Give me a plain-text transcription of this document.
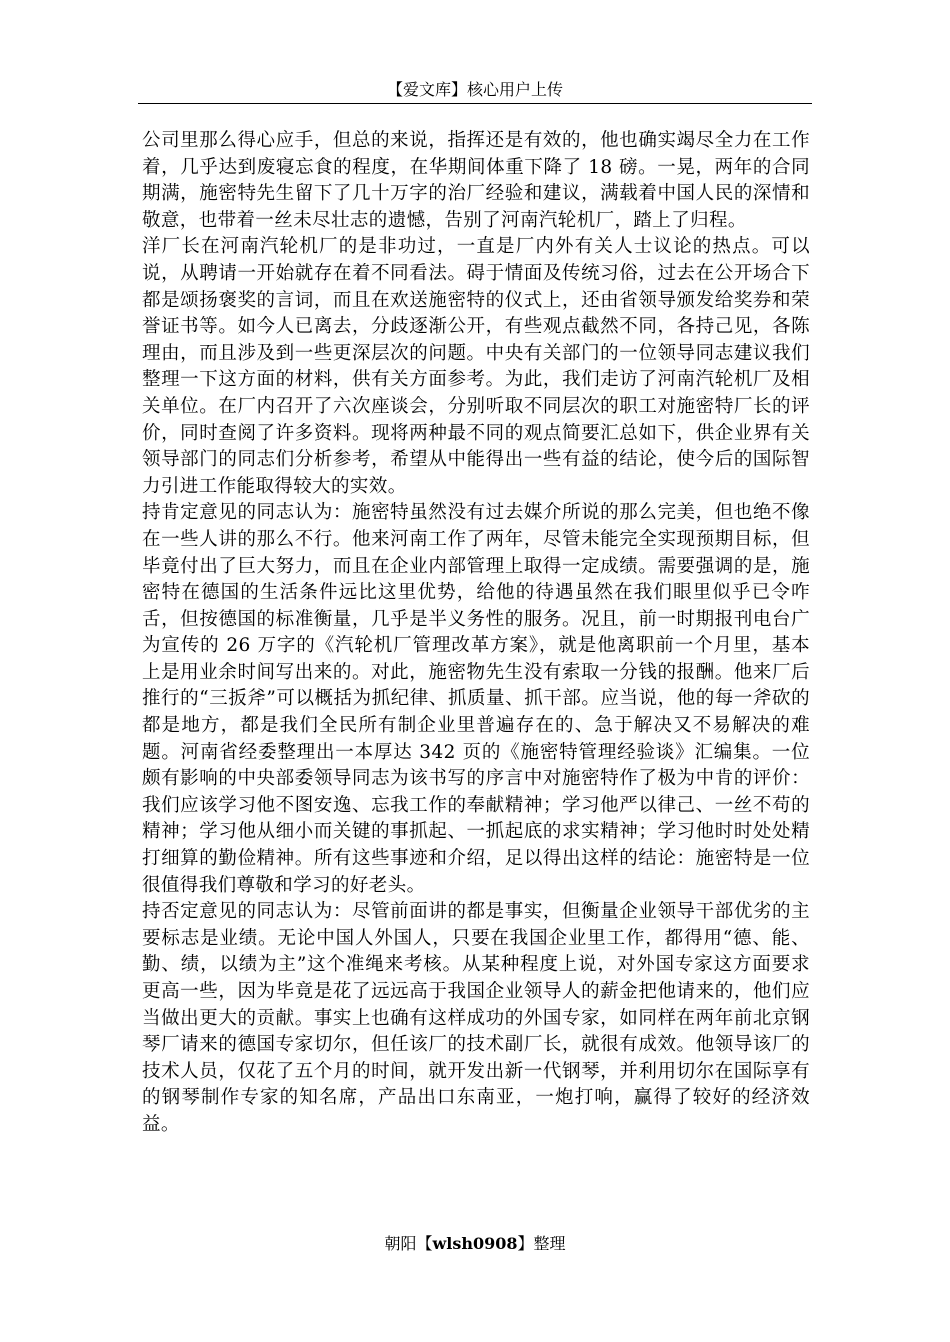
【爱文库】核心用户上传

公司里那么得心应手，但总的来说，指挥还是有效的，他也确实竭尽全力在工作着，几乎达到废寝忘食的程度，在华期间体重下降了 18 磅。一晃，两年的合同期满，施密特先生留下了几十万字的治厂经验和建议，满载着中国人民的深情和敬意，也带着一丝未尽壮志的遗憾，告别了河南汽轮机厂，踏上了归程。

洋厂长在河南汽轮机厂的是非功过，一直是厂内外有关人士议论的热点。可以说，从聘请一开始就存在着不同看法。碍于情面及传统习俗，过去在公开场合下都是颂扬褒奖的言词，而且在欢送施密特的仪式上，还由省领导颁发给奖券和荣誉证书等。如今人已离去，分歧逐渐公开，有些观点截然不同，各持己见，各陈理由，而且涉及到一些更深层次的问题。中央有关部门的一位领导同志建议我们整理一下这方面的材料，供有关方面参考。为此，我们走访了河南汽轮机厂及相关单位。在厂内召开了六次座谈会，分别听取不同层次的职工对施密特厂长的评价，同时查阅了许多资料。现将两种最不同的观点简要汇总如下，供企业界有关领导部门的同志们分析参考，希望从中能得出一些有益的结论，使今后的国际智力引进工作能取得较大的实效。

持肯定意见的同志认为：施密特虽然没有过去媒介所说的那么完美，但也绝不像在一些人讲的那么不行。他来河南工作了两年，尽管未能完全实现预期目标，但毕竟付出了巨大努力，而且在企业内部管理上取得一定成绩。需要强调的是，施密特在德国的生活条件远比这里优势，给他的待遇虽然在我们眼里似乎已令咋舌，但按德国的标准衡量，几乎是半义务性的服务。况且，前一时期报刊电台广为宣传的 26 万字的《汽轮机厂管理改革方案》，就是他离职前一个月里，基本上是用业余时间写出来的。对此，施密物先生没有索取一分钱的报酬。他来厂后推行的“三扳斧”可以概括为抓纪律、抓质量、抓干部。应当说，他的每一斧砍的都是地方，都是我们全民所有制企业里普遍存在的、急于解决又不易解决的难题。河南省经委整理出一本厚达 342 页的《施密特管理经验谈》汇编集。一位颇有影响的中央部委领导同志为该书写的序言中对施密特作了极为中肯的评价：我们应该学习他不图安逸、忘我工作的奉献精神；学习他严以律己、一丝不苟的精神；学习他从细小而关键的事抓起、一抓起底的求实精神；学习他时时处处精打细算的勤俭精神。所有这些事迹和介绍，足以得出这样的结论：施密特是一位很值得我们尊敬和学习的好老头。

持否定意见的同志认为：尽管前面讲的都是事实，但衡量企业领导干部优劣的主要标志是业绩。无论中国人外国人，只要在我国企业里工作，都得用“德、能、勤、绩，以绩为主”这个准绳来考核。从某种程度上说，对外国专家这方面要求更高一些，因为毕竟是花了远远高于我国企业领导人的薪金把他请来的，他们应当做出更大的贡献。事实上也确有这样成功的外国专家，如同样在两年前北京钢琴厂请来的德国专家切尔，但任该厂的技术副厂长，就很有成效。他领导该厂的技术人员，仅花了五个月的时间，就开发出新一代钢琴，并利用切尔在国际享有的钢琴制作专家的知名席，产品出口东南亚，一炮打响，赢得了较好的经济效益。

朝阳【wlsh0908】整理
